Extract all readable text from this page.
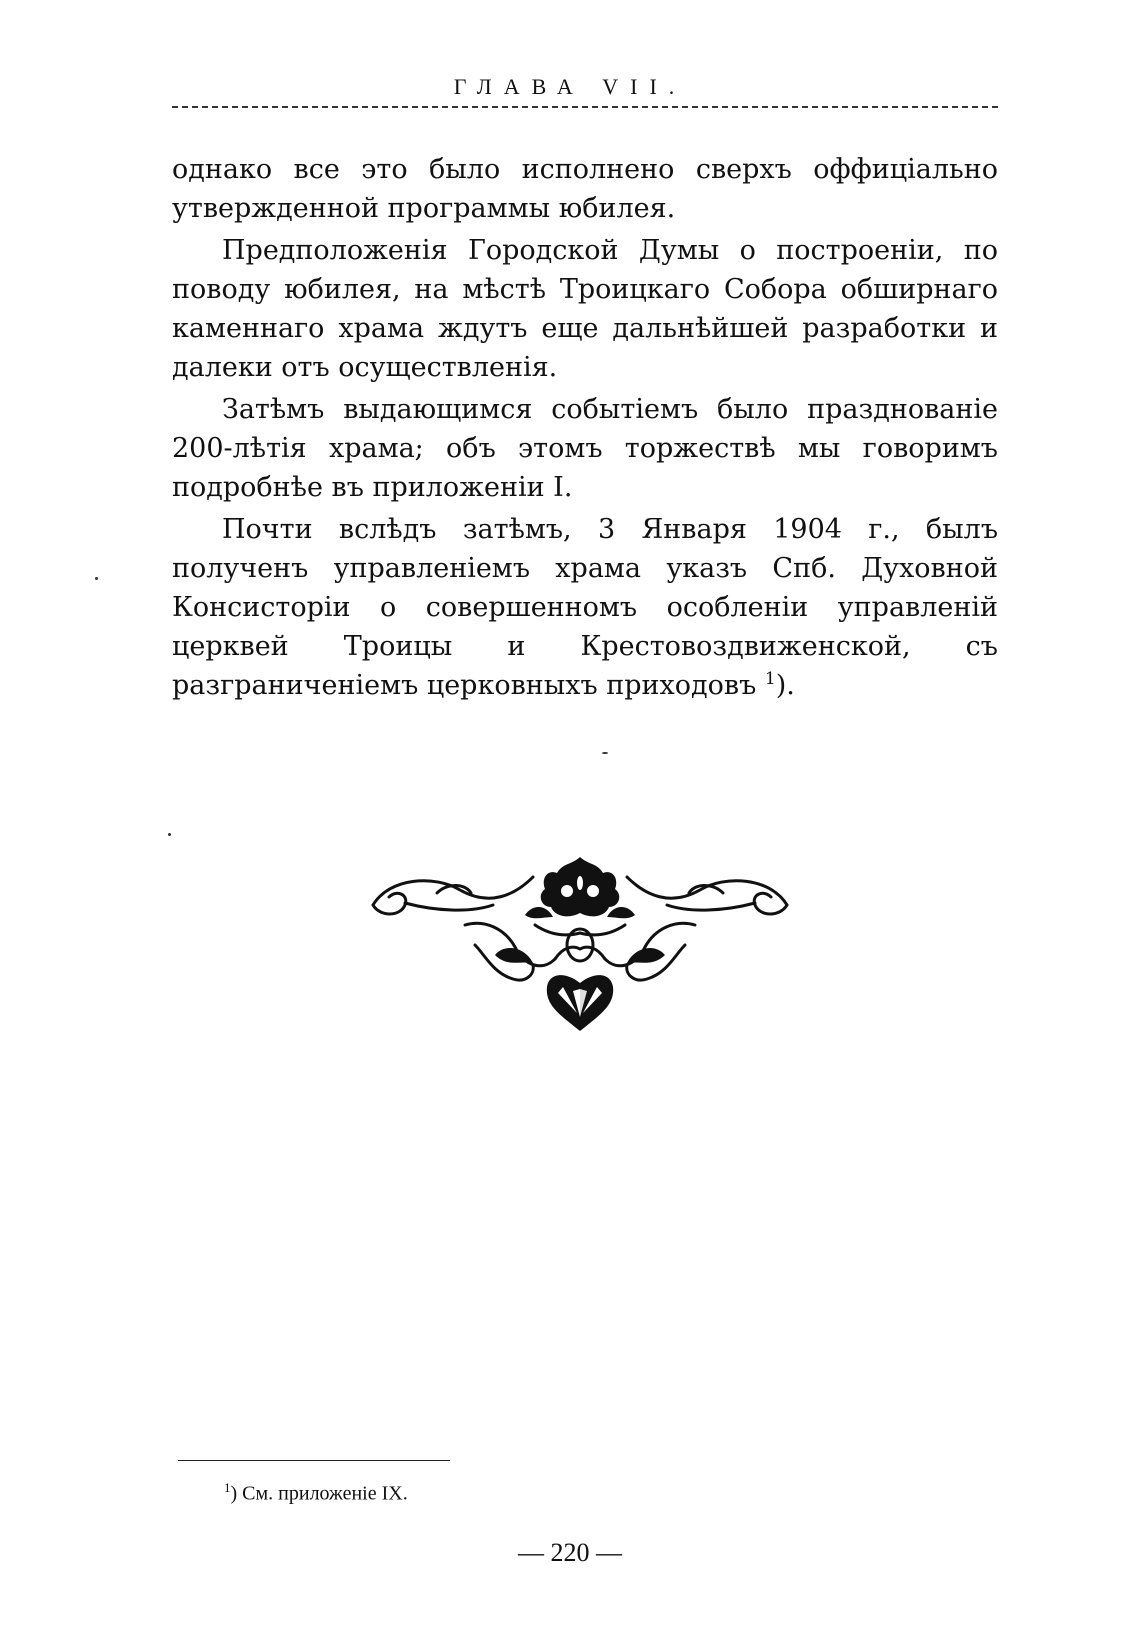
ГЛАВА VII.

однако все это было исполнено сверхъ оффиціально утвержденной программы юбилея.

Предположенія Городской Думы о построеніи, по поводу юбилея, на мѣстѣ Троицкаго Собора обширнаго каменнаго храма ждутъ еще дальнѣйшей разработки и далеки отъ осуществленія.

Затѣмъ выдающимся событіемъ было празднованіе 200-лѣтія храма; объ этомъ торжествѣ мы говоримъ подробнѣе въ приложеніи I.

Почти вслѣдъ затѣмъ, 3 Января 1904 г., былъ полученъ управленіемъ храма указъ Спб. Духовной Консисторіи о совершенномъ особленіи управленій церквей Троицы и Крестовоздвиженской, съ разграниченіемъ церковныхъ приходовъ $^1$).

$^1$) См. приложеніе IX.
— 220 —
